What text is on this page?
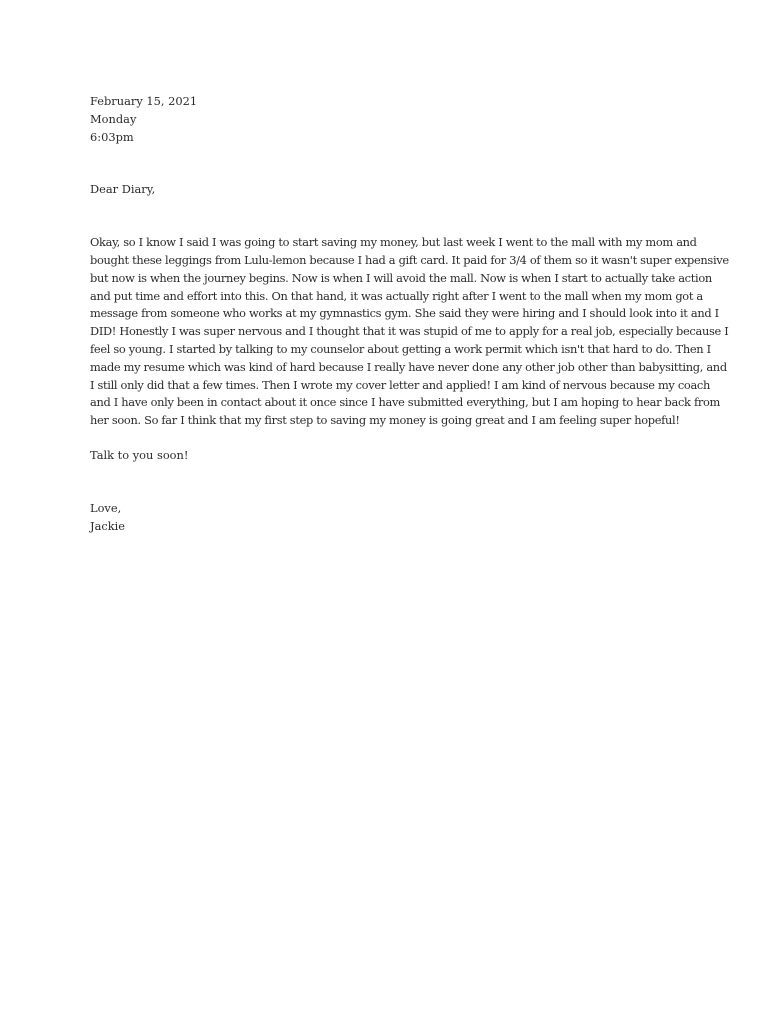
February 15, 2021
Monday
6:03pm
Dear Diary,
Okay, so I know I said I was going to start saving my money, but last week I went to the mall with my mom and
bought these leggings from Lulu-lemon because I had a gift card. It paid for 3/4 of them so it wasn't super expensive
but now is when the journey begins. Now is when I will avoid the mall. Now is when I start to actually take action
and put time and effort into this. On that hand, it was actually right after I went to the mall when my mom got a
message from someone who works at my gymnastics gym. She said they were hiring and I should look into it and I
DID! Honestly I was super nervous and I thought that it was stupid of me to apply for a real job, especially because I
feel so young. I started by talking to my counselor about getting a work permit which isn't that hard to do. Then I
made my resume which was kind of hard because I really have never done any other job other than babysitting, and
I still only did that a few times. Then I wrote my cover letter and applied! I am kind of nervous because my coach
and I have only been in contact about it once since I have submitted everything, but I am hoping to hear back from
her soon. So far I think that my first step to saving my money is going great and I am feeling super hopeful!
Talk to you soon!
Love,
Jackie
